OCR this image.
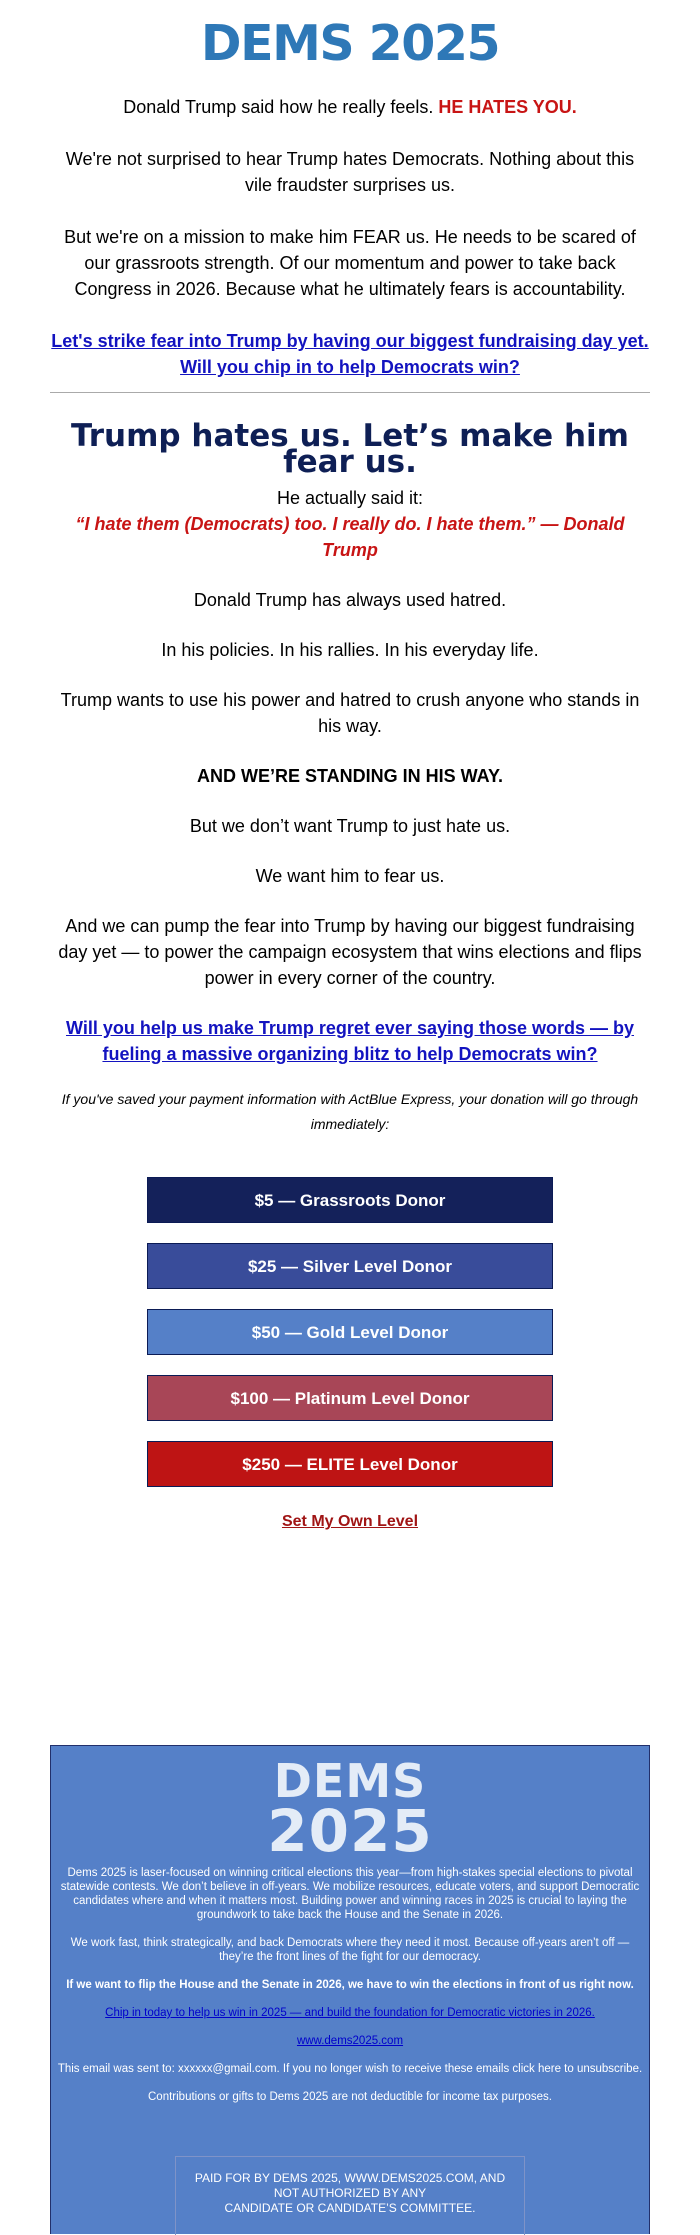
DEMS 2025

Donald Trump said how he really feels. HE HATES YOU.

We're not surprised to hear Trump hates Democrats. Nothing about this vile fraudster surprises us.

But we're on a mission to make him FEAR us. He needs to be scared of our grassroots strength. Of our momentum and power to take back Congress in 2026. Because what he ultimately fears is accountability.

Let's strike fear into Trump by having our biggest fundraising day yet.
Will you chip in to help Democrats win?
Trump hates us. Let’s make him fear us.

He actually said it:

“I hate them (Democrats) too. I really do. I hate them.” — Donald Trump

Donald Trump has always used hatred.

In his policies. In his rallies. In his everyday life.

Trump wants to use his power and hatred to crush anyone who stands in his way.

AND WE’RE STANDING IN HIS WAY.

But we don’t want Trump to just hate us.

We want him to fear us.

And we can pump the fear into Trump by having our biggest fundraising day yet — to power the campaign ecosystem that wins elections and flips power in every corner of the country.

Will you help us make Trump regret ever saying those words — by fueling a massive organizing blitz to help Democrats win?

If you've saved your payment information with ActBlue Express, your donation will go through immediately:

$5 — Grassroots Donor
$25 — Silver Level Donor
$50 — Gold Level Donor
$100 — Platinum Level Donor
$250 — ELITE Level Donor
Set My Own Level
DEMS
2025

Dems 2025 is laser-focused on winning critical elections this year—from high-stakes special elections to pivotal statewide contests. We don’t believe in off-years. We mobilize resources, educate voters, and support Democratic candidates where and when it matters most. Building power and winning races in 2025 is crucial to laying the groundwork to take back the House and the Senate in 2026.

We work fast, think strategically, and back Democrats where they need it most. Because off-years aren’t off — they’re the front lines of the fight for our democracy.

If we want to flip the House and the Senate in 2026, we have to win the elections in front of us right now.

Chip in today to help us win in 2025 — and build the foundation for Democratic victories in 2026.

www.dems2025.com

This email was sent to: xxxxxx@gmail.com. If you no longer wish to receive these emails click here to unsubscribe.

Contributions or gifts to Dems 2025 are not deductible for income tax purposes.

PAID FOR BY DEMS 2025, WWW.DEMS2025.COM, AND
NOT AUTHORIZED BY ANY
CANDIDATE OR CANDIDATE’S COMMITTEE.
